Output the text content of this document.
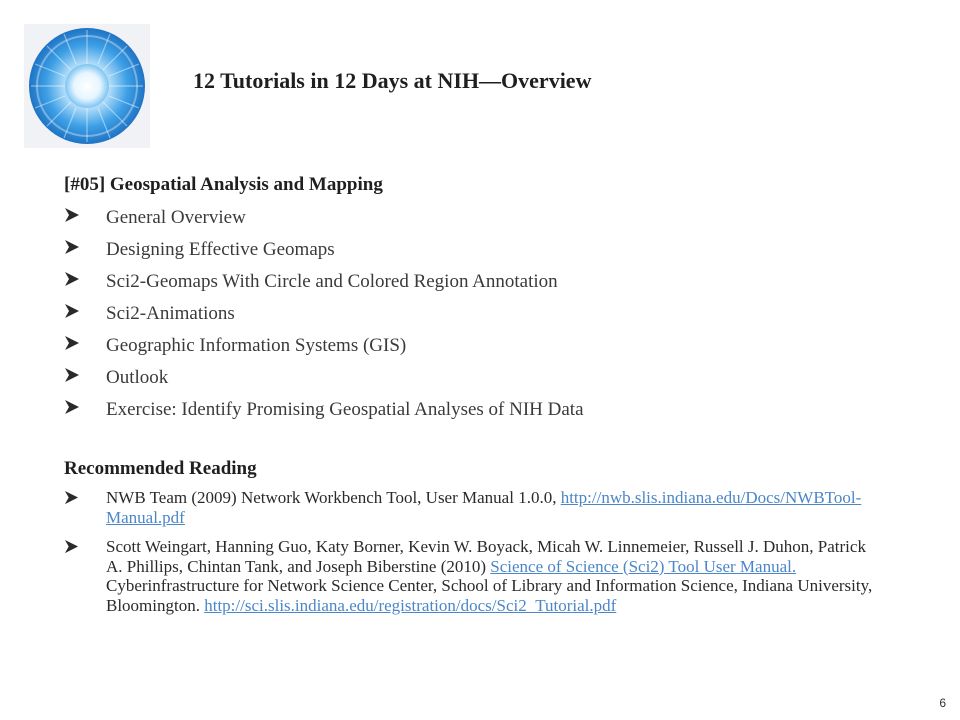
12 Tutorials in 12 Days at NIH—Overview
[#05] Geospatial Analysis and Mapping
General Overview
Designing Effective Geomaps
Sci2-Geomaps With Circle and Colored Region Annotation
Sci2-Animations
Geographic Information Systems (GIS)
Outlook
Exercise: Identify Promising Geospatial Analyses of NIH Data
Recommended Reading
NWB Team (2009) Network Workbench Tool, User Manual 1.0.0, http://nwb.slis.indiana.edu/Docs/NWBTool-Manual.pdf
Scott Weingart, Hanning Guo, Katy Borner, Kevin W. Boyack, Micah W. Linnemeier, Russell J. Duhon, Patrick A. Phillips, Chintan Tank, and Joseph Biberstine (2010) Science of Science (Sci2) Tool User Manual. Cyberinfrastructure for Network Science Center, School of Library and Information Science, Indiana University, Bloomington. http://sci.slis.indiana.edu/registration/docs/Sci2_Tutorial.pdf
6
